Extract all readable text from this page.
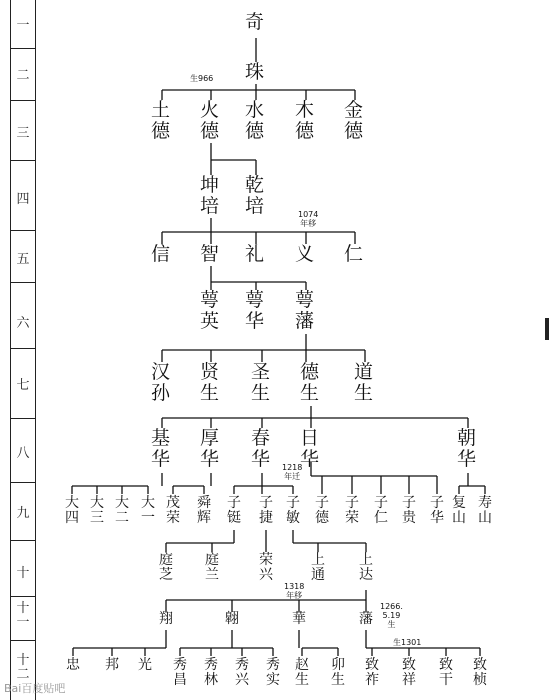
一
二
三
四
五
六
七
八
九
十
十一
十二
奇
珠
生966
土
德
火
德
水
德
木
德
金
德
坤
培
乾
培	1074
年移
信 智 礼 义 仁
萼
英
萼
华
萼
藩
汉
孙
贤
生
圣
生
德
生
道
生
基
华
厚
华
春
华
日
华
朝
华
1218
年迁
大
四
大
三
大
二
大
一
茂
荣
舜
辉
子
铤
子
捷
子
敏
子
德
子
荣
子
仁
子
贵
子
华
复
山
寿
山
庭
芝
庭
兰
荣
兴
上
通
上
达
1318
年移
翔	翺	華	藩
1266.
5.19
生
生1301
忠 邦 光 秀
昌
秀
林
秀
兴
秀
实
赵
生
卯
生
致
祚
致
祥
致
干
致
桢
Bai百度贴吧
